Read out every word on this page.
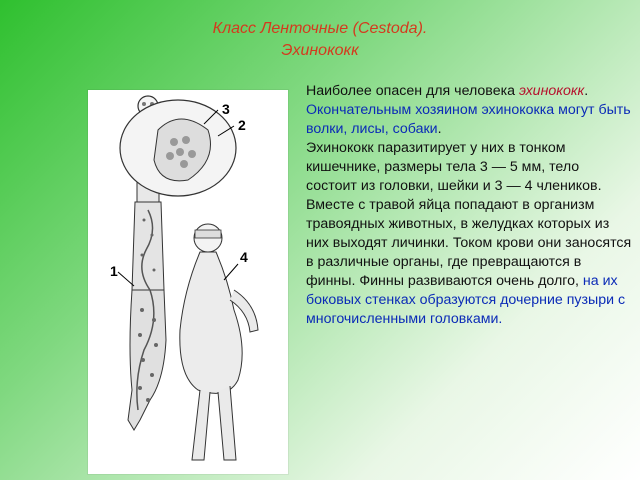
Класс Ленточные (Cestoda).
Эхинококк
1
2
3
4

Наиболее опасен для человека эхинококк. Окончательным хозяином эхинококка могут быть волки, лисы, собаки.

Эхинококк паразитирует у них в тонком кишечнике, размеры тела 3 — 5 мм, тело состоит из головки, шейки и 3 — 4 члеников. Вместе с травой яйца попадают в организм травоядных животных, в желудках которых из них выходят личинки. Током крови они заносятся в различные органы, где превращаются в финны. Финны развиваются очень долго, на их боковых стенках образуются дочерние пузыри с многочисленными головками.
